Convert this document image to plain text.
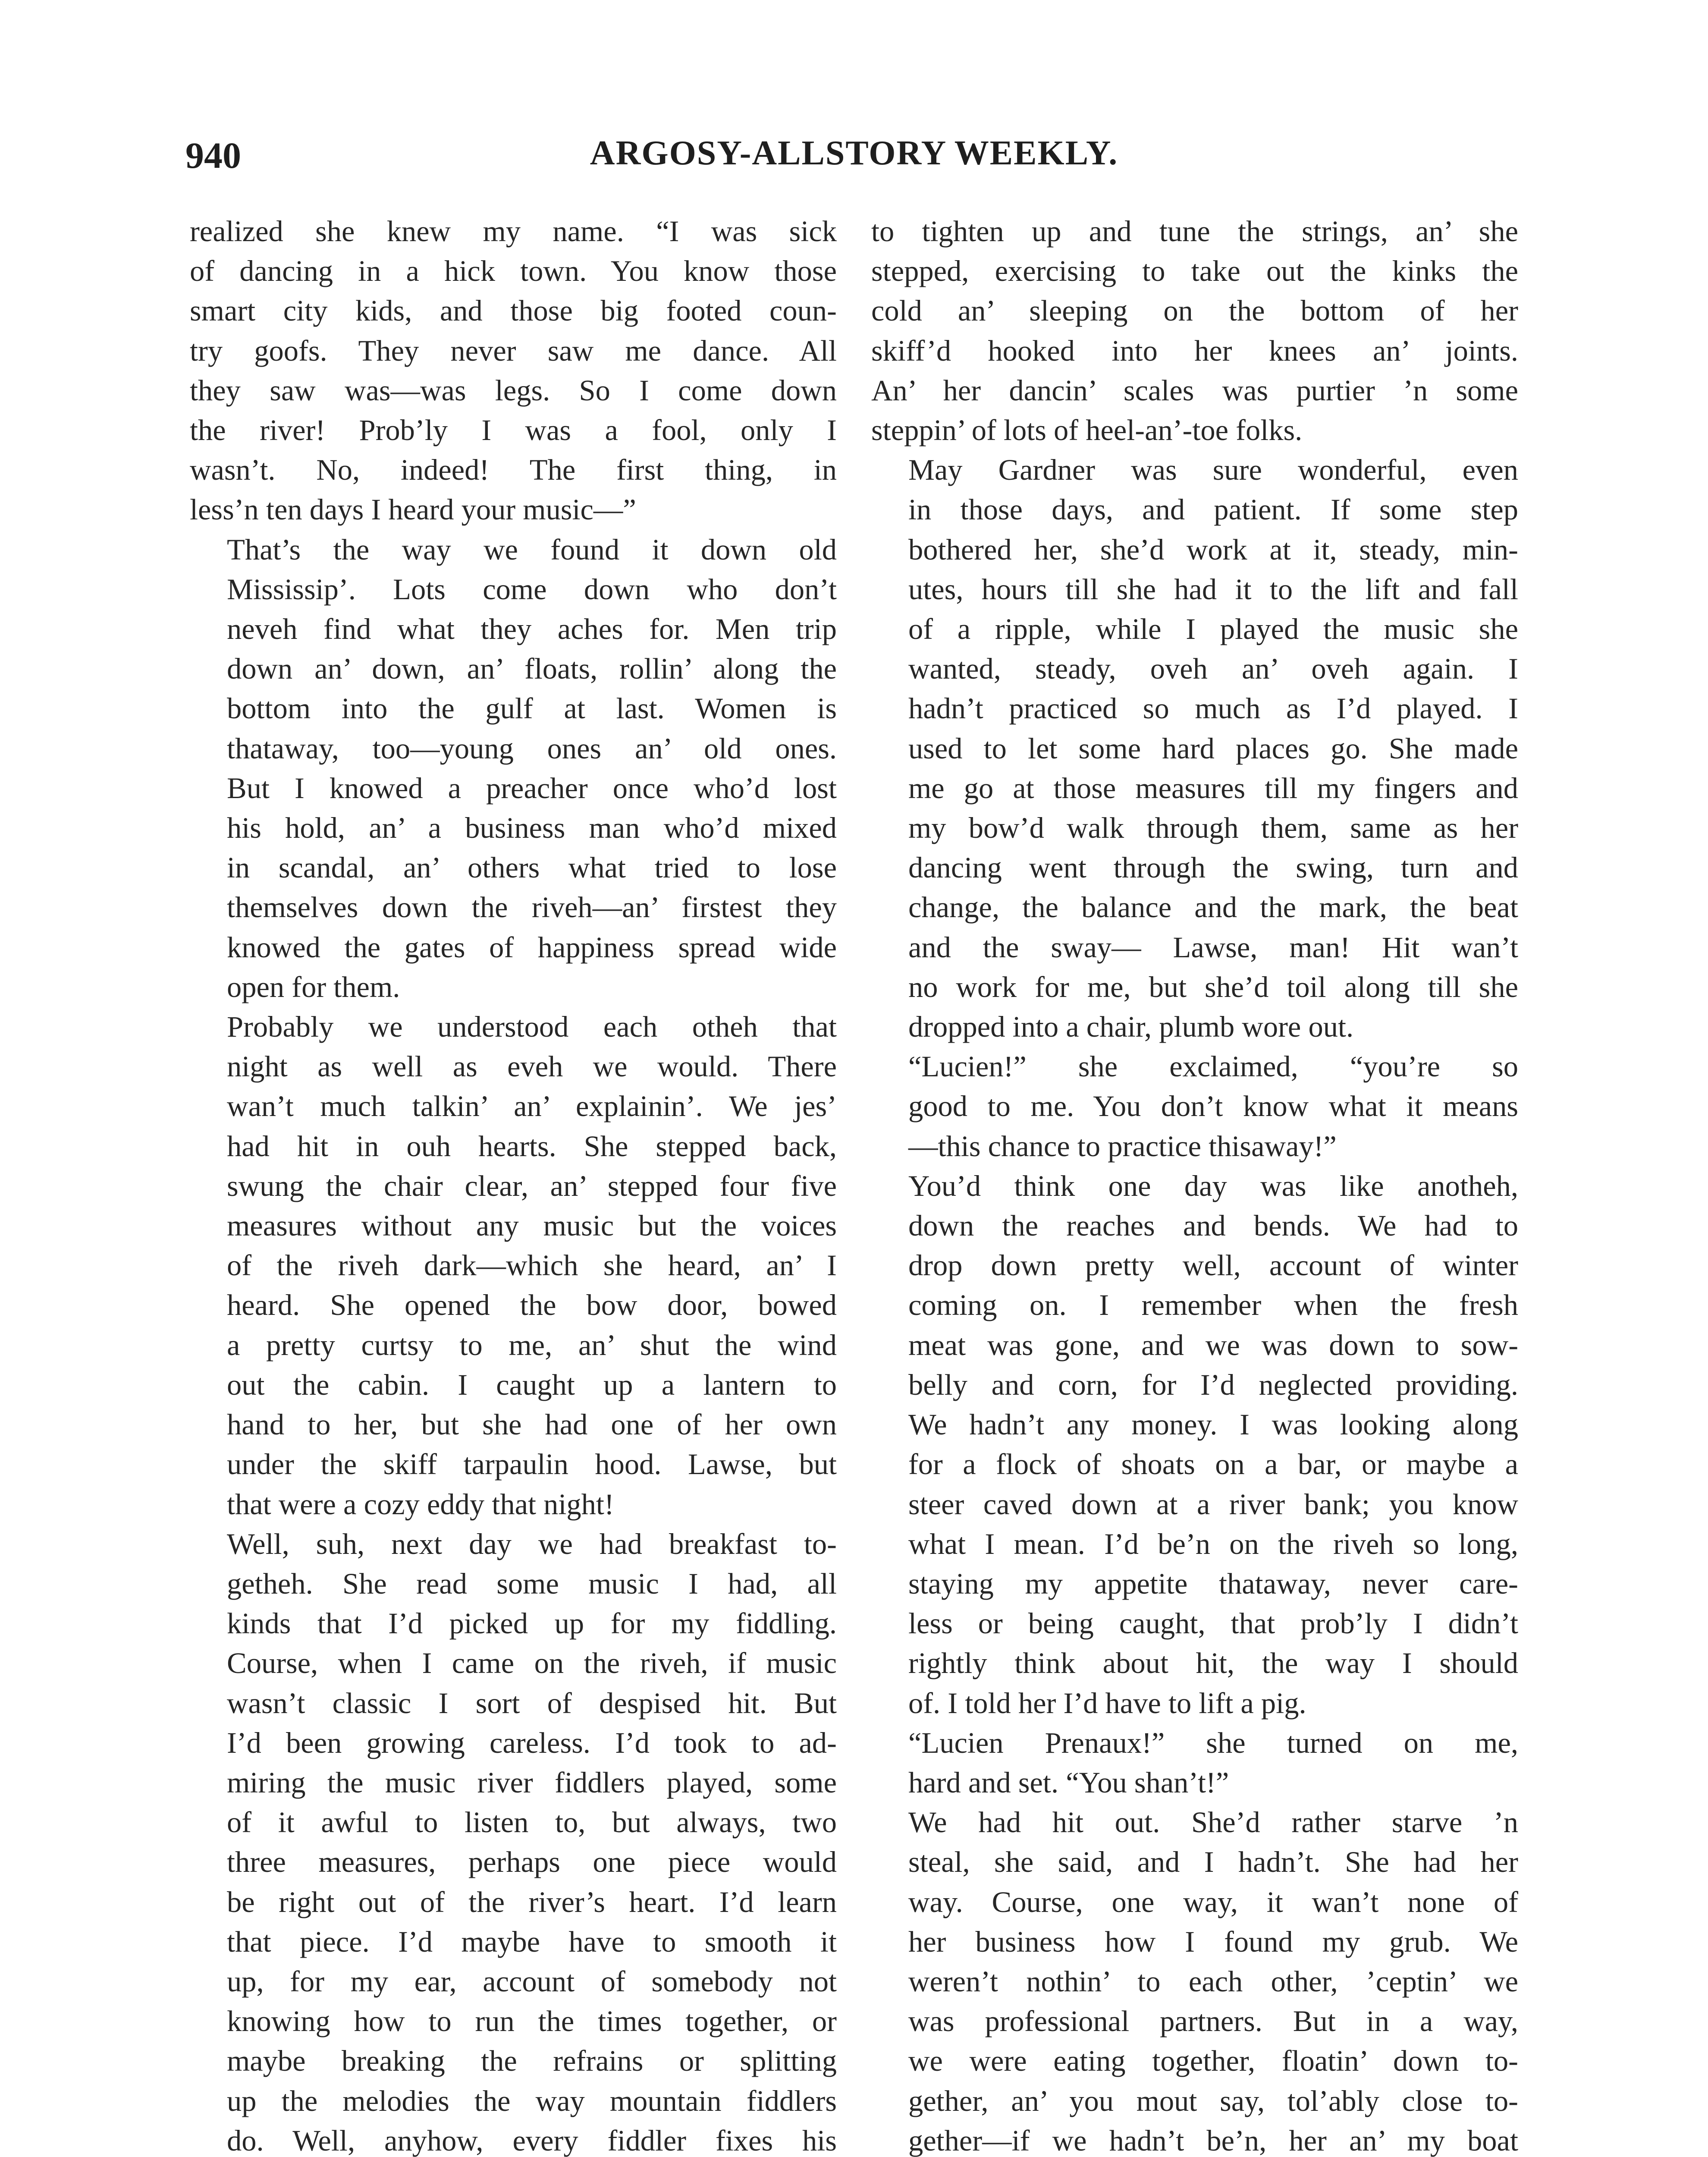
940	ARGOSY-ALLSTORY WEEKLY.
realized she knew my name. “I was sick
of dancing in a hick town. You know those
smart city kids, and those big footed coun-
try goofs. They never saw me dance. All
they saw was—was legs. So I come down
the river! Prob’ly I was a fool, only I
wasn’t. No, indeed! The first thing, in
less’n ten days I heard your music—”
That’s the way we found it down old
Mississip’. Lots come down who don’t
neveh find what they aches for. Men trip
down an’ down, an’ floats, rollin’ along the
bottom into the gulf at last. Women is
thataway, too—young ones an’ old ones.
But I knowed a preacher once who’d lost
his hold, an’ a business man who’d mixed
in scandal, an’ others what tried to lose
themselves down the riveh—an’ firstest they
knowed the gates of happiness spread wide
open for them.
Probably we understood each otheh that
night as well as eveh we would. There
wan’t much talkin’ an’ explainin’. We jes’
had hit in ouh hearts. She stepped back,
swung the chair clear, an’ stepped four five
measures without any music but the voices
of the riveh dark—which she heard, an’ I
heard. She opened the bow door, bowed
a pretty curtsy to me, an’ shut the wind
out the cabin. I caught up a lantern to
hand to her, but she had one of her own
under the skiff tarpaulin hood. Lawse, but
that were a cozy eddy that night!
Well, suh, next day we had breakfast to-
getheh. She read some music I had, all
kinds that I’d picked up for my fiddling.
Course, when I came on the riveh, if music
wasn’t classic I sort of despised hit. But
I’d been growing careless. I’d took to ad-
miring the music river fiddlers played, some
of it awful to listen to, but always, two
three measures, perhaps one piece would
be right out of the river’s heart. I’d learn
that piece. I’d maybe have to smooth it
up, for my ear, account of somebody not
knowing how to run the times together, or
maybe breaking the refrains or splitting
up the melodies the way mountain fiddlers
do. Well, anyhow, every fiddler fixes his
to tighten up and tune the strings, an’ she
stepped, exercising to take out the kinks the
cold an’ sleeping on the bottom of her
skiff’d hooked into her knees an’ joints.
An’ her dancin’ scales was purtier ’n some
steppin’ of lots of heel-an’-toe folks.
May Gardner was sure wonderful, even
in those days, and patient. If some step
bothered her, she’d work at it, steady, min-
utes, hours till she had it to the lift and fall
of a ripple, while I played the music she
wanted, steady, oveh an’ oveh again. I
hadn’t practiced so much as I’d played. I
used to let some hard places go. She made
me go at those measures till my fingers and
my bow’d walk through them, same as her
dancing went through the swing, turn and
change, the balance and the mark, the beat
and the sway— Lawse, man! Hit wan’t
no work for me, but she’d toil along till she
dropped into a chair, plumb wore out.
“Lucien!” she exclaimed, “you’re so
good to me. You don’t know what it means
—this chance to practice thisaway!”
You’d think one day was like anotheh,
down the reaches and bends. We had to
drop down pretty well, account of winter
coming on. I remember when the fresh
meat was gone, and we was down to sow-
belly and corn, for I’d neglected providing.
We hadn’t any money. I was looking along
for a flock of shoats on a bar, or maybe a
steer caved down at a river bank; you know
what I mean. I’d be’n on the riveh so long,
staying my appetite thataway, never care-
less or being caught, that prob’ly I didn’t
rightly think about hit, the way I should
of. I told her I’d have to lift a pig.
“Lucien Prenaux!” she turned on me,
hard and set. “You shan’t!”
We had hit out. She’d rather starve ’n
steal, she said, and I hadn’t. She had her
way. Course, one way, it wan’t none of
her business how I found my grub. We
weren’t nothin’ to each other, ’ceptin’ we
was professional partners. But in a way,
we were eating together, floatin’ down to-
gether, an’ you mout say, tol’ably close to-
gether—if we hadn’t be’n, her an’ my boat
